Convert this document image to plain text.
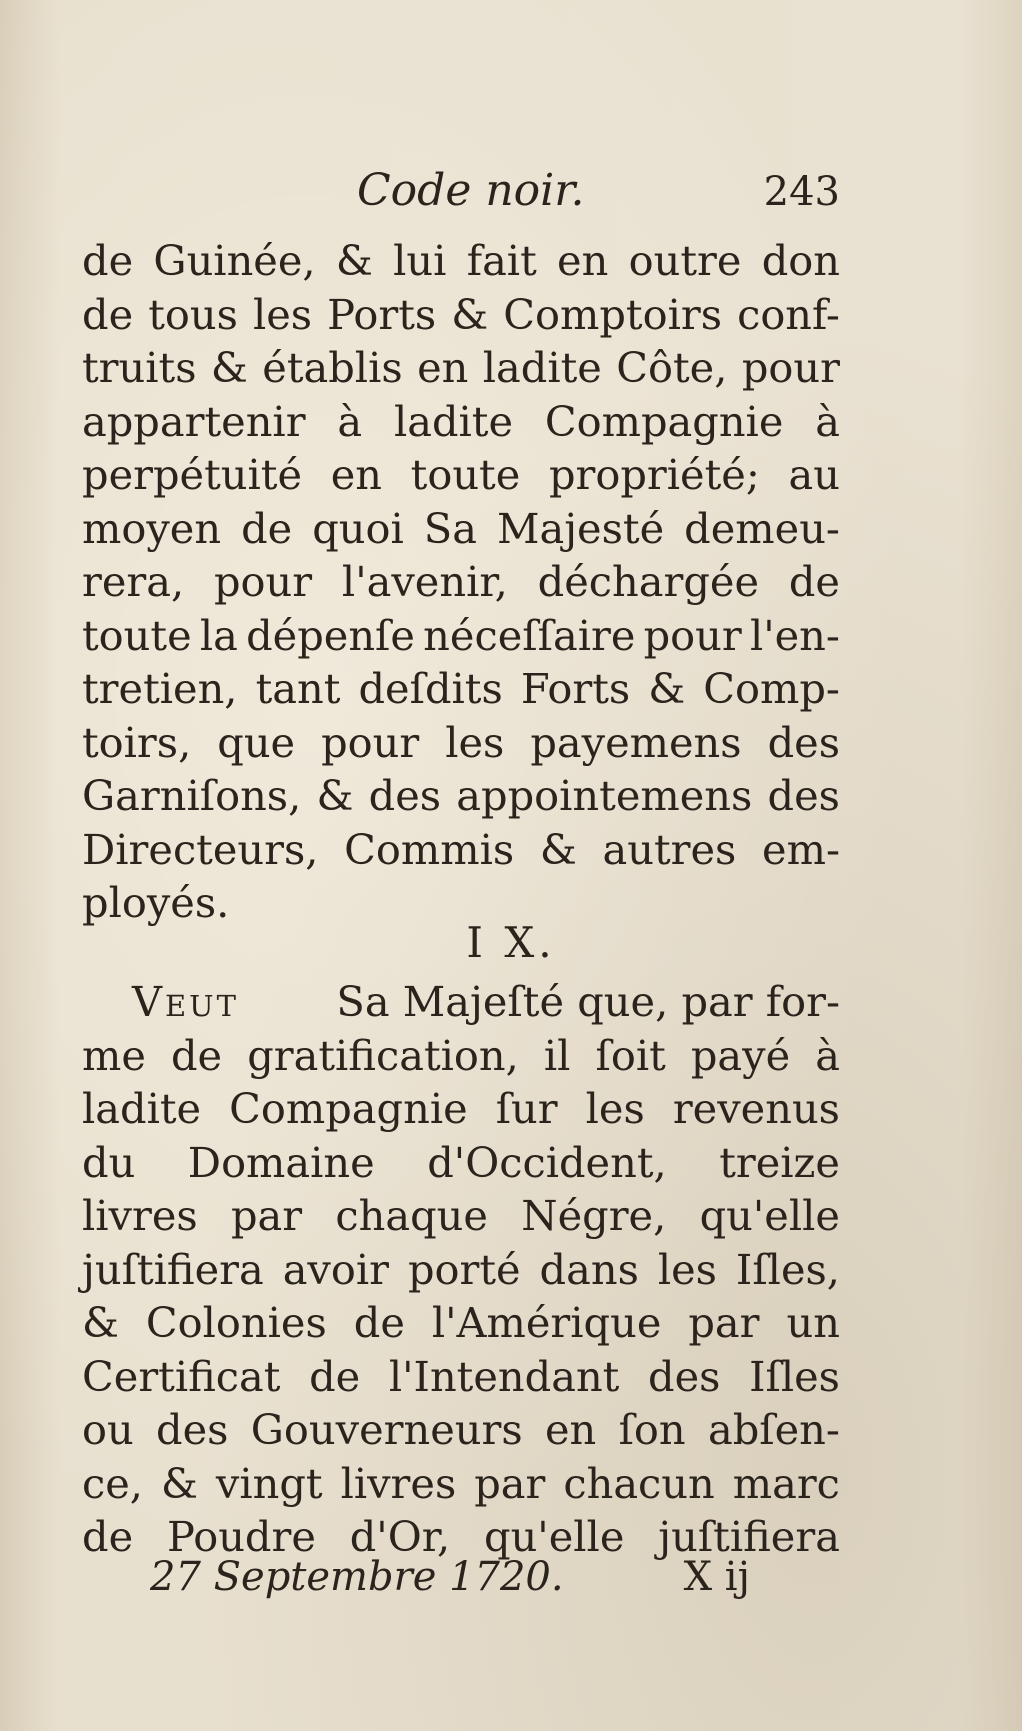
Code noir.	243
de Guinée, & lui fait en outre don
de tous les Ports & Comptoirs conf-
truits & établis en ladite Côte, pour
appartenir à ladite Compagnie à
perpétuité en toute propriété; au
moyen de quoi Sa Majesté demeu-
rera, pour l'avenir, déchargée de
toute la dépenſe néceſſaire pour l'en-
tretien, tant deſdits Forts & Comp-
toirs, que pour les payemens des
Garniſons, & des appointemens des
Directeurs, Commis & autres em-
ployés.
I X.
Veut Sa Majeſté que, par for-
me de gratification, il ſoit payé à
ladite Compagnie ſur les revenus
du Domaine d'Occident, treize
livres par chaque Négre, qu'elle
juſtifiera avoir porté dans les Iſles,
& Colonies de l'Amérique par un
Certificat de l'Intendant des Iſles
ou des Gouverneurs en ſon abſen-
ce, & vingt livres par chacun marc
de Poudre d'Or, qu'elle juſtifiera
27 Septembre 1720.	X ij
